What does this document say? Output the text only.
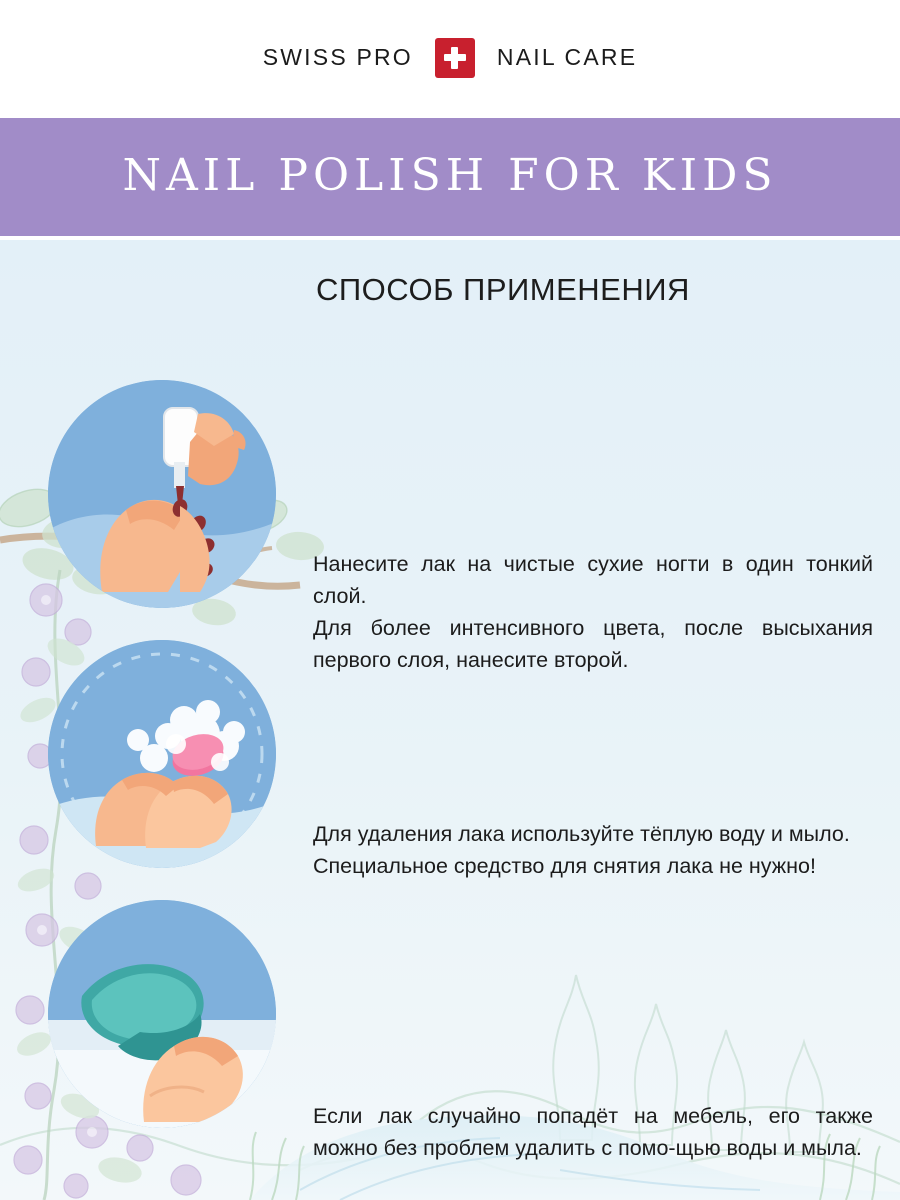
SWISS PRO	NAIL CARE
NAIL POLISH FOR KIDS
СПОСОБ ПРИМЕНЕНИЯ

Нанесите лак на чистые сухие ногти в один тонкий слой.

Для более интенсивного цвета, после высыхания первого слоя, нанесите второй.

Для удаления лака используйте тёплую воду и мыло.

Специальное средство для снятия лака не нужно!

Если лак случайно попадёт на мебель, его также можно без проблем удалить с помо-щью воды и мыла.
